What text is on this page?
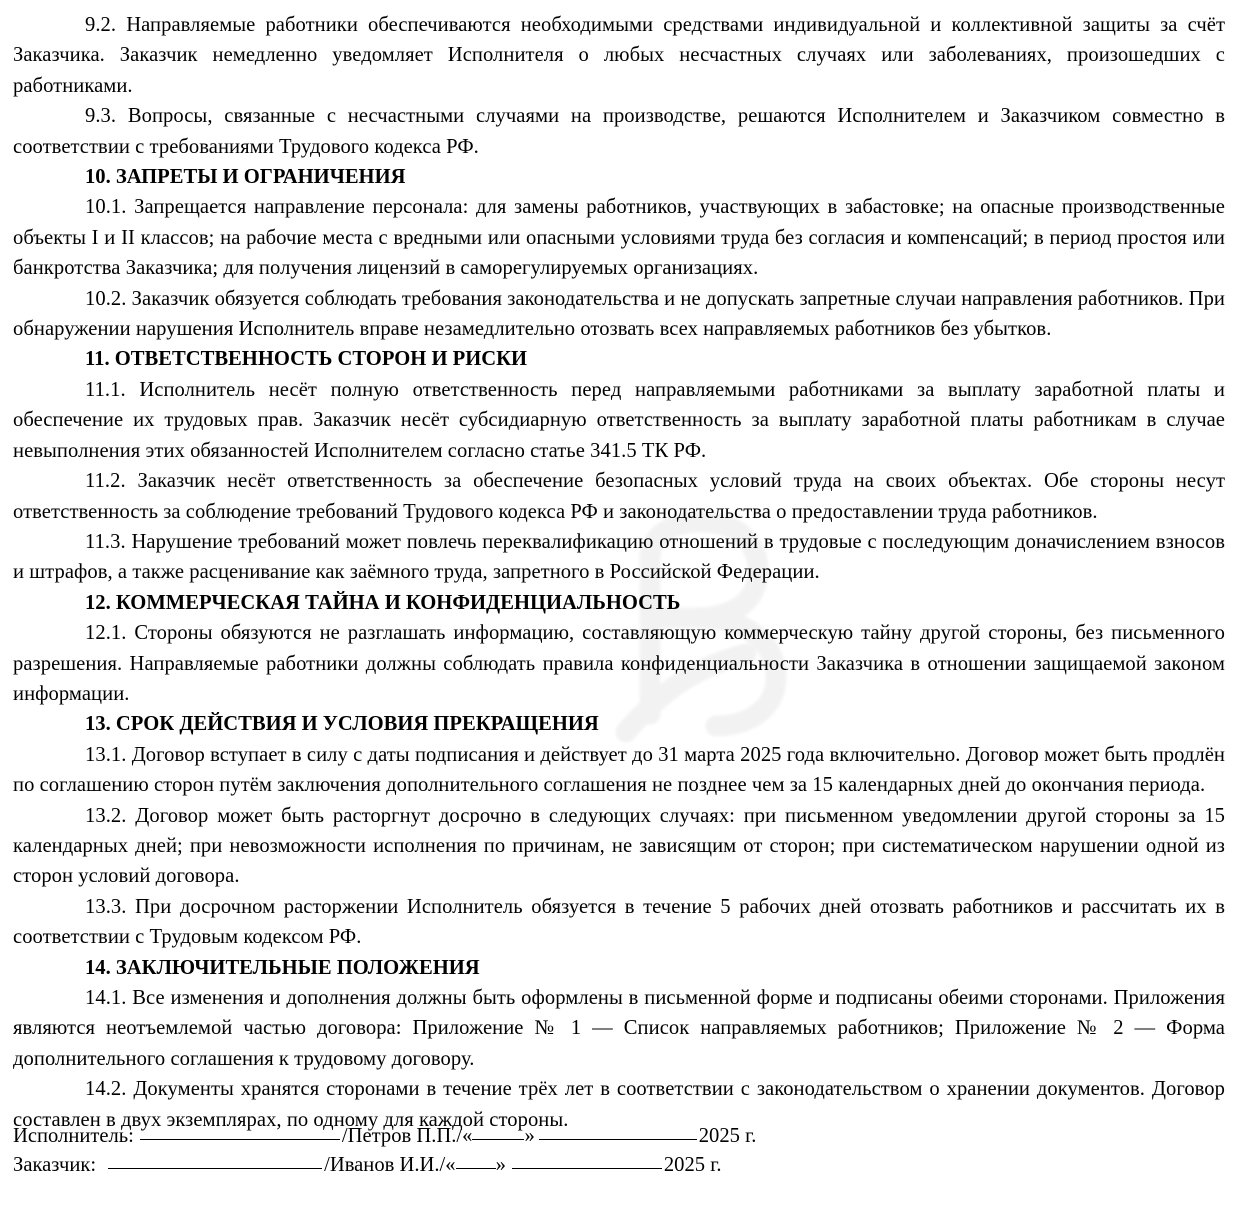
9.2. Направляемые работники обеспечиваются необходимыми средствами индивидуальной и коллективной защиты за счёт Заказчика. Заказчик немедленно уведомляет Исполнителя о любых несчастных случаях или заболеваниях, произошедших с работниками.

9.3. Вопросы, связанные с несчастными случаями на производстве, решаются Исполнителем и Заказчиком совместно в соответствии с требованиями Трудового кодекса РФ.

10. ЗАПРЕТЫ И ОГРАНИЧЕНИЯ

10.1. Запрещается направление персонала: для замены работников, участвующих в забастовке; на опасные производственные объекты I и II классов; на рабочие места с вредными или опасными условиями труда без согласия и компенсаций; в период простоя или банкротства Заказчика; для получения лицензий в саморегулируемых организациях.

10.2. Заказчик обязуется соблюдать требования законодательства и не допускать запретные случаи направления работников. При обнаружении нарушения Исполнитель вправе незамедлительно отозвать всех направляемых работников без убытков.

11. ОТВЕТСТВЕННОСТЬ СТОРОН И РИСКИ

11.1. Исполнитель несёт полную ответственность перед направляемыми работниками за выплату заработной платы и обеспечение их трудовых прав. Заказчик несёт субсидиарную ответственность за выплату заработной платы работникам в случае невыполнения этих обязанностей Исполнителем согласно статье 341.5 ТК РФ.

11.2. Заказчик несёт ответственность за обеспечение безопасных условий труда на своих объектах. Обе стороны несут ответственность за соблюдение требований Трудового кодекса РФ и законодательства о предоставлении труда работников.

11.3. Нарушение требований может повлечь переквалификацию отношений в трудовые с последующим доначислением взносов и штрафов, а также расценивание как заёмного труда, запретного в Российской Федерации.

12. КОММЕРЧЕСКАЯ ТАЙНА И КОНФИДЕНЦИАЛЬНОСТЬ

12.1. Стороны обязуются не разглашать информацию, составляющую коммерческую тайну другой стороны, без письменного разрешения. Направляемые работники должны соблюдать правила конфиденциальности Заказчика в отношении защищаемой законом информации.

13. СРОК ДЕЙСТВИЯ И УСЛОВИЯ ПРЕКРАЩЕНИЯ

13.1. Договор вступает в силу с даты подписания и действует до 31 марта 2025 года включительно. Договор может быть продлён по соглашению сторон путём заключения дополнительного соглашения не позднее чем за 15 календарных дней до окончания периода.

13.2. Договор может быть расторгнут досрочно в следующих случаях: при письменном уведомлении другой стороны за 15 календарных дней; при невозможности исполнения по причинам, не зависящим от сторон; при систематическом нарушении одной из сторон условий договора.

13.3. При досрочном расторжении Исполнитель обязуется в течение 5 рабочих дней отозвать работников и рассчитать их в соответствии с Трудовым кодексом РФ.

14. ЗАКЛЮЧИТЕЛЬНЫЕ ПОЛОЖЕНИЯ

14.1. Все изменения и дополнения должны быть оформлены в письменной форме и подписаны обеими сторонами. Приложения являются неотъемлемой частью договора: Приложение № 1 — Список направляемых работников; Приложение № 2 — Форма дополнительного соглашения к трудовому договору.

14.2. Документы хранятся сторонами в течение трёх лет в соответствии с законодательством о хранении документов. Договор составлен в двух экземплярах, по одному для каждой стороны.

Исполнитель:	/Петров П.П./ «	»	2025 г.
Заказчик:	/Иванов И.И./ « »	2025 г.
